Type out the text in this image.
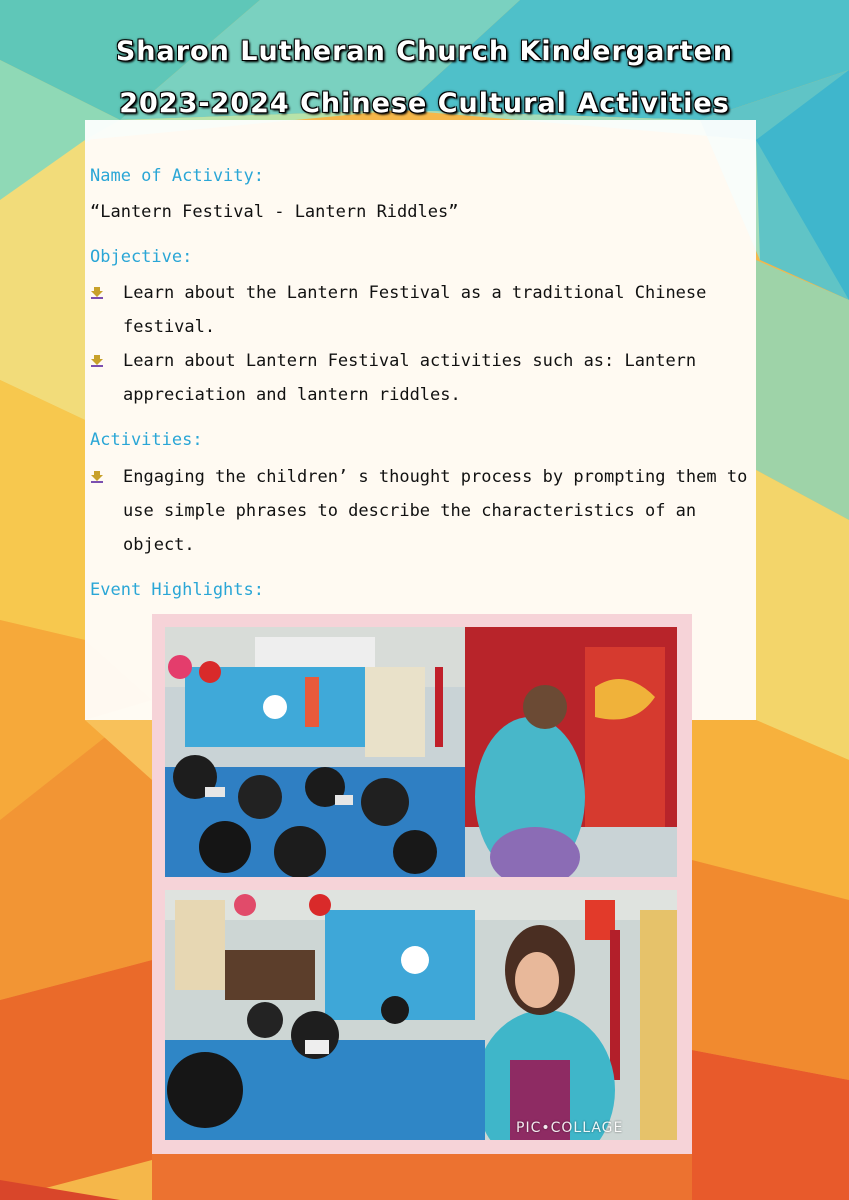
Sharon Lutheran Church Kindergarten
2023-2024 Chinese Cultural Activities
Name of Activity:
“Lantern Festival - Lantern Riddles”
Objective:
Learn about the Lantern Festival as a traditional Chinese
festival.
Learn about Lantern Festival activities such as: Lantern
appreciation and lantern riddles.
Activities:
Engaging the children’ s thought process by prompting them to
use simple phrases to describe the characteristics of an
object.
Event Highlights:
PIC•COLLAGE
